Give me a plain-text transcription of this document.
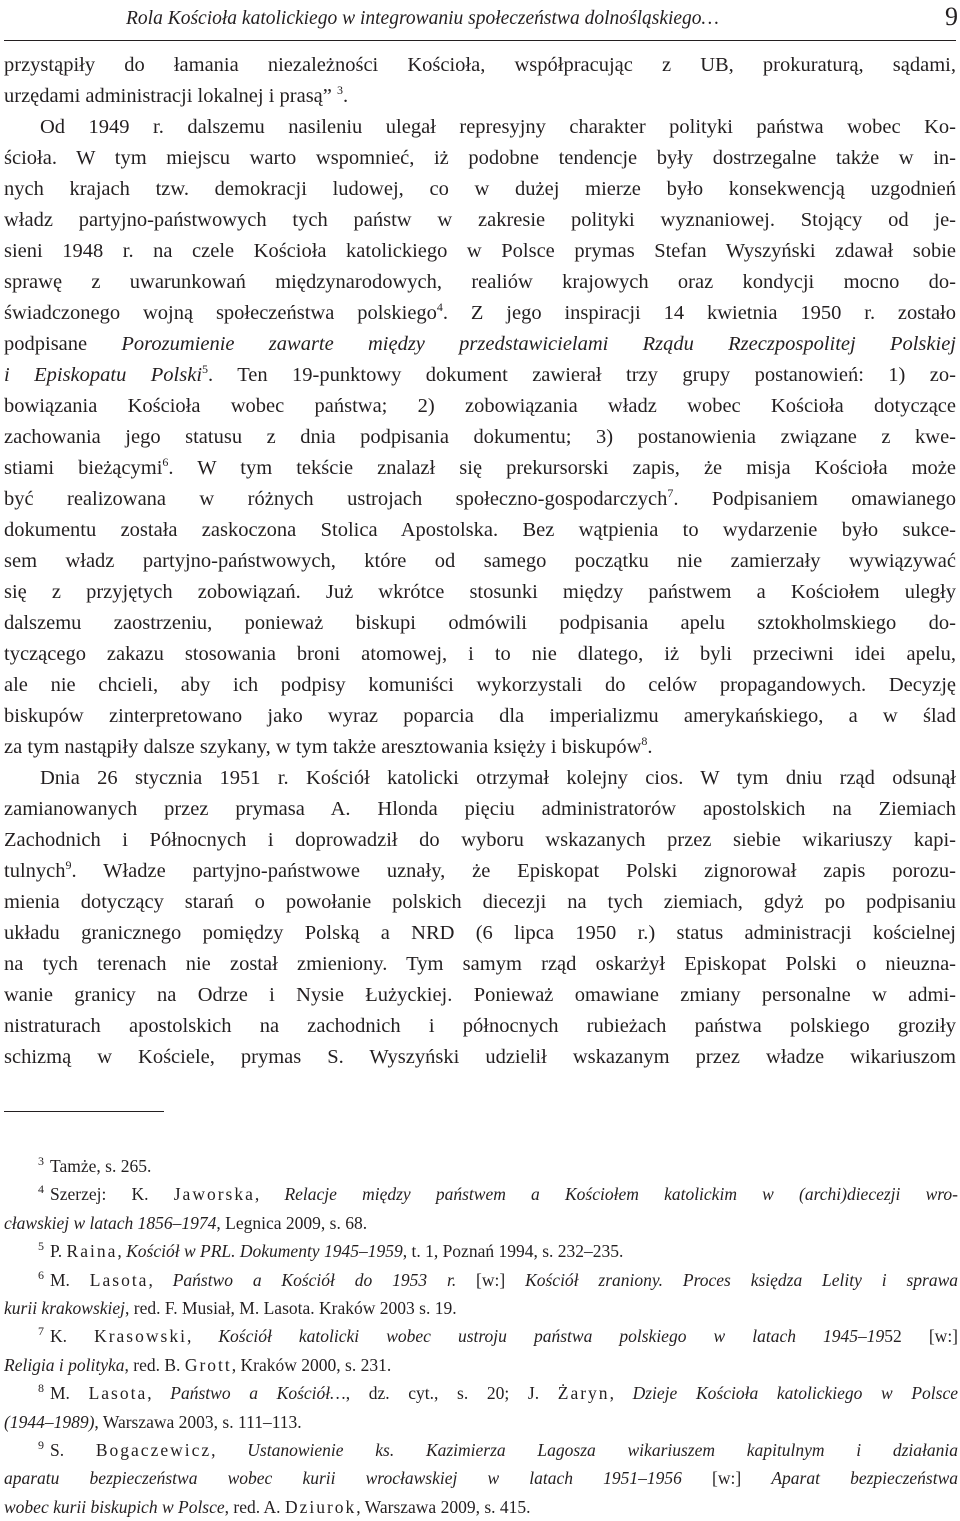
Rola Kościoła katolickiego w integrowaniu społeczeństwa dolnośląskiego…	9
przystąpiły do łamania niezależności Kościoła, współpracując z UB, prokuraturą, sądami,
urzędami administracji lokalnej i prasą” $^3$.
Od 1949 r. dalszemu nasileniu ulegał represyjny charakter polityki państwa wobec Ko-
ścioła. W tym miejscu warto wspomnieć, iż podobne tendencje były dostrzegalne także w in-
nych krajach tzw. demokracji ludowej, co w dużej mierze było konsekwencją uzgodnień
władz partyjno-państwowych tych państw w zakresie polityki wyznaniowej. Stojący od je-
sieni 1948 r. na czele Kościoła katolickiego w Polsce prymas Stefan Wyszyński zdawał sobie
sprawę z uwarunkowań międzynarodowych, realiów krajowych oraz kondycji mocno do-
świadczonego wojną społeczeństwa polskiego$^4$. Z jego inspiracji 14 kwietnia 1950 r. zostało
podpisane Porozumienie zawarte między przedstawicielami Rządu Rzeczpospolitej Polskiej
i Episkopatu Polski$^5$. Ten 19-punktowy dokument zawierał trzy grupy postanowień: 1) zo-
bowiązania Kościoła wobec państwa; 2) zobowiązania władz wobec Kościoła dotyczące
zachowania jego statusu z dnia podpisania dokumentu; 3) postanowienia związane z kwe-
stiami bieżącymi$^6$. W tym tekście znalazł się prekursorski zapis, że misja Kościoła może
być realizowana w różnych ustrojach społeczno-gospodarczych$^7$. Podpisaniem omawianego
dokumentu została zaskoczona Stolica Apostolska. Bez wątpienia to wydarzenie było sukce-
sem władz partyjno-państwowych, które od samego początku nie zamierzały wywiązywać
się z przyjętych zobowiązań. Już wkrótce stosunki między państwem a Kościołem uległy
dalszemu zaostrzeniu, ponieważ biskupi odmówili podpisania apelu sztokholmskiego do-
tyczącego zakazu stosowania broni atomowej, i to nie dlatego, iż byli przeciwni idei apelu,
ale nie chcieli, aby ich podpisy komuniści wykorzystali do celów propagandowych. Decyzję
biskupów zinterpretowano jako wyraz poparcia dla imperializmu amerykańskiego, a w ślad
za tym nastąpiły dalsze szykany, w tym także aresztowania księży i biskupów$^8$.
Dnia 26 stycznia 1951 r. Kościół katolicki otrzymał kolejny cios. W tym dniu rząd odsunął
zamianowanych przez prymasa A. Hlonda pięciu administratorów apostolskich na Ziemiach
Zachodnich i Północnych i doprowadził do wyboru wskazanych przez siebie wikariuszy kapi-
tulnych$^9$. Władze partyjno-państwowe uznały, że Episkopat Polski zignorował zapis porozu-
mienia dotyczący starań o powołanie polskich diecezji na tych ziemiach, gdyż po podpisaniu
układu granicznego pomiędzy Polską a NRD (6 lipca 1950 r.) status administracji kościelnej
na tych terenach nie został zmieniony. Tym samym rząd oskarżył Episkopat Polski o nieuzna-
wanie granicy na Odrze i Nysie Łużyckiej. Ponieważ omawiane zmiany personalne w admi-
nistraturach apostolskich na zachodnich i północnych rubieżach państwa polskiego groziły
schizmą w Kościele, prymas S. Wyszyński udzielił wskazanym przez władze wikariuszom
$^3$ Tamże, s. 265.
$^4$ Szerzej: K. Jaworska, Relacje między państwem a Kościołem katolickim w (archi)diecezji wro-
cławskiej w latach 1856–1974, Legnica 2009, s. 68.
$^5$ P. Raina, Kościół w PRL. Dokumenty 1945–1959, t. 1, Poznań 1994, s. 232–235.
$^6$ M. Lasota, Państwo a Kościół do 1953 r. [w:] Kościół zraniony. Proces księdza Lelity i sprawa
kurii krakowskiej, red. F. Musiał, M. Lasota. Kraków 2003 s. 19.
$^7$ K. Krasowski, Kościół katolicki wobec ustroju państwa polskiego w latach 1945–1952 [w:]
Religia i polityka, red. B. Grott, Kraków 2000, s. 231.
$^8$ M. Lasota, Państwo a Kościół…, dz. cyt., s. 20; J. Żaryn, Dzieje Kościoła katolickiego w Polsce
(1944–1989), Warszawa 2003, s. 111–113.
$^9$ S. Bogaczewicz, Ustanowienie ks. Kazimierza Lagosza wikariuszem kapitulnym i działania
aparatu bezpieczeństwa wobec kurii wrocławskiej w latach 1951–1956 [w:] Aparat bezpieczeństwa
wobec kurii biskupich w Polsce, red. A. Dziurok, Warszawa 2009, s. 415.
